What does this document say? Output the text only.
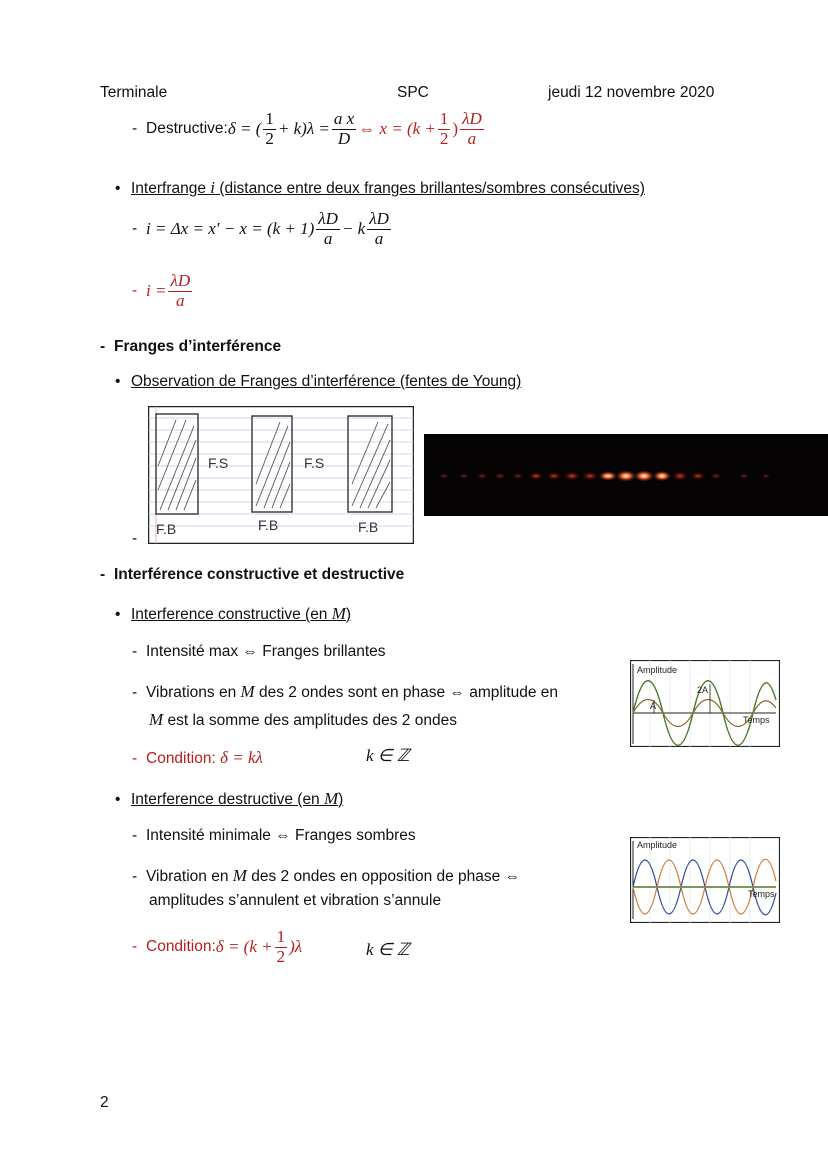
Terminale	SPC	jeudi 12 novembre 2020
- Destructive: δ = ( $\frac{1}{2} + k)\lambda = \frac{\text{a x}}{D}$ ⇔ $x = (k + \frac{1}{2}$ ) $\frac{\lambda D}{a}$
• Interfrange i (distance entre deux franges brillantes/sombres consécutives)
- $i = \Delta x = x' - x = (k + 1) \frac{\lambda D}{a} - k \frac{\lambda D}{a}$
- $i = \frac{\lambda D}{a}$
- Franges d’interférence
• Observation de Franges d’interférence (fentes de Young)
-
F.S	F.S
F.B	F.B	F.B
- Interférence constructive et destructive
• Interference constructive (en M)
- Intensité max ⇔ Franges brillantes
- Vibrations en M des 2 ondes sont en phase ⇔ amplitude en
M est la somme des amplitudes des 2 ondes
- Condition: δ = kλ	k ∈ ℤ
Amplitude
Temps
A
2A
• Interference destructive (en M)
- Intensité minimale ⇔ Franges sombres
- Vibration en M des 2 ondes en opposition de phase ⇔
amplitudes s’annulent et vibration s’annule
- Condition: $\delta = (k + \frac{1}{2} )\lambda$	k ∈ ℤ
Amplitude
Temps
2
